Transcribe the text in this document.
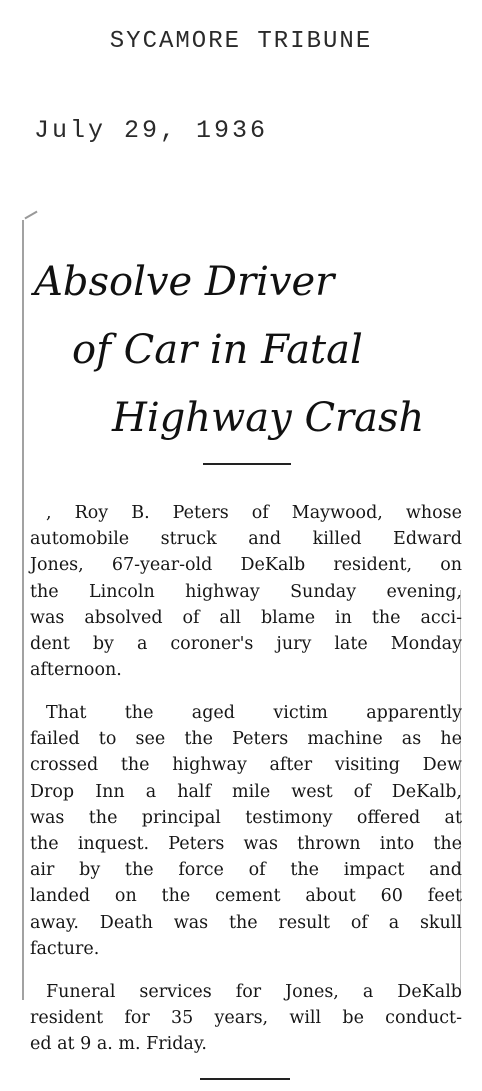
SYCAMORE TRIBUNE
July 29, 1936
Absolve Driver
of Car in Fatal
Highway Crash
, Roy B. Peters of Maywood, whose
automobile struck and killed Edward
Jones, 67-year-old DeKalb resident, on
the Lincoln highway Sunday evening,
was absolved of all blame in the acci-
dent by a coroner's jury late Monday
afternoon.
That the aged victim apparently
failed to see the Peters machine as he
crossed the highway after visiting Dew
Drop Inn a half mile west of DeKalb,
was the principal testimony offered at
the inquest. Peters was thrown into the
air by the force of the impact and
landed on the cement about 60 feet
away. Death was the result of a skull
facture.
Funeral services for Jones, a DeKalb
resident for 35 years, will be conduct-
ed at 9 a. m. Friday.
